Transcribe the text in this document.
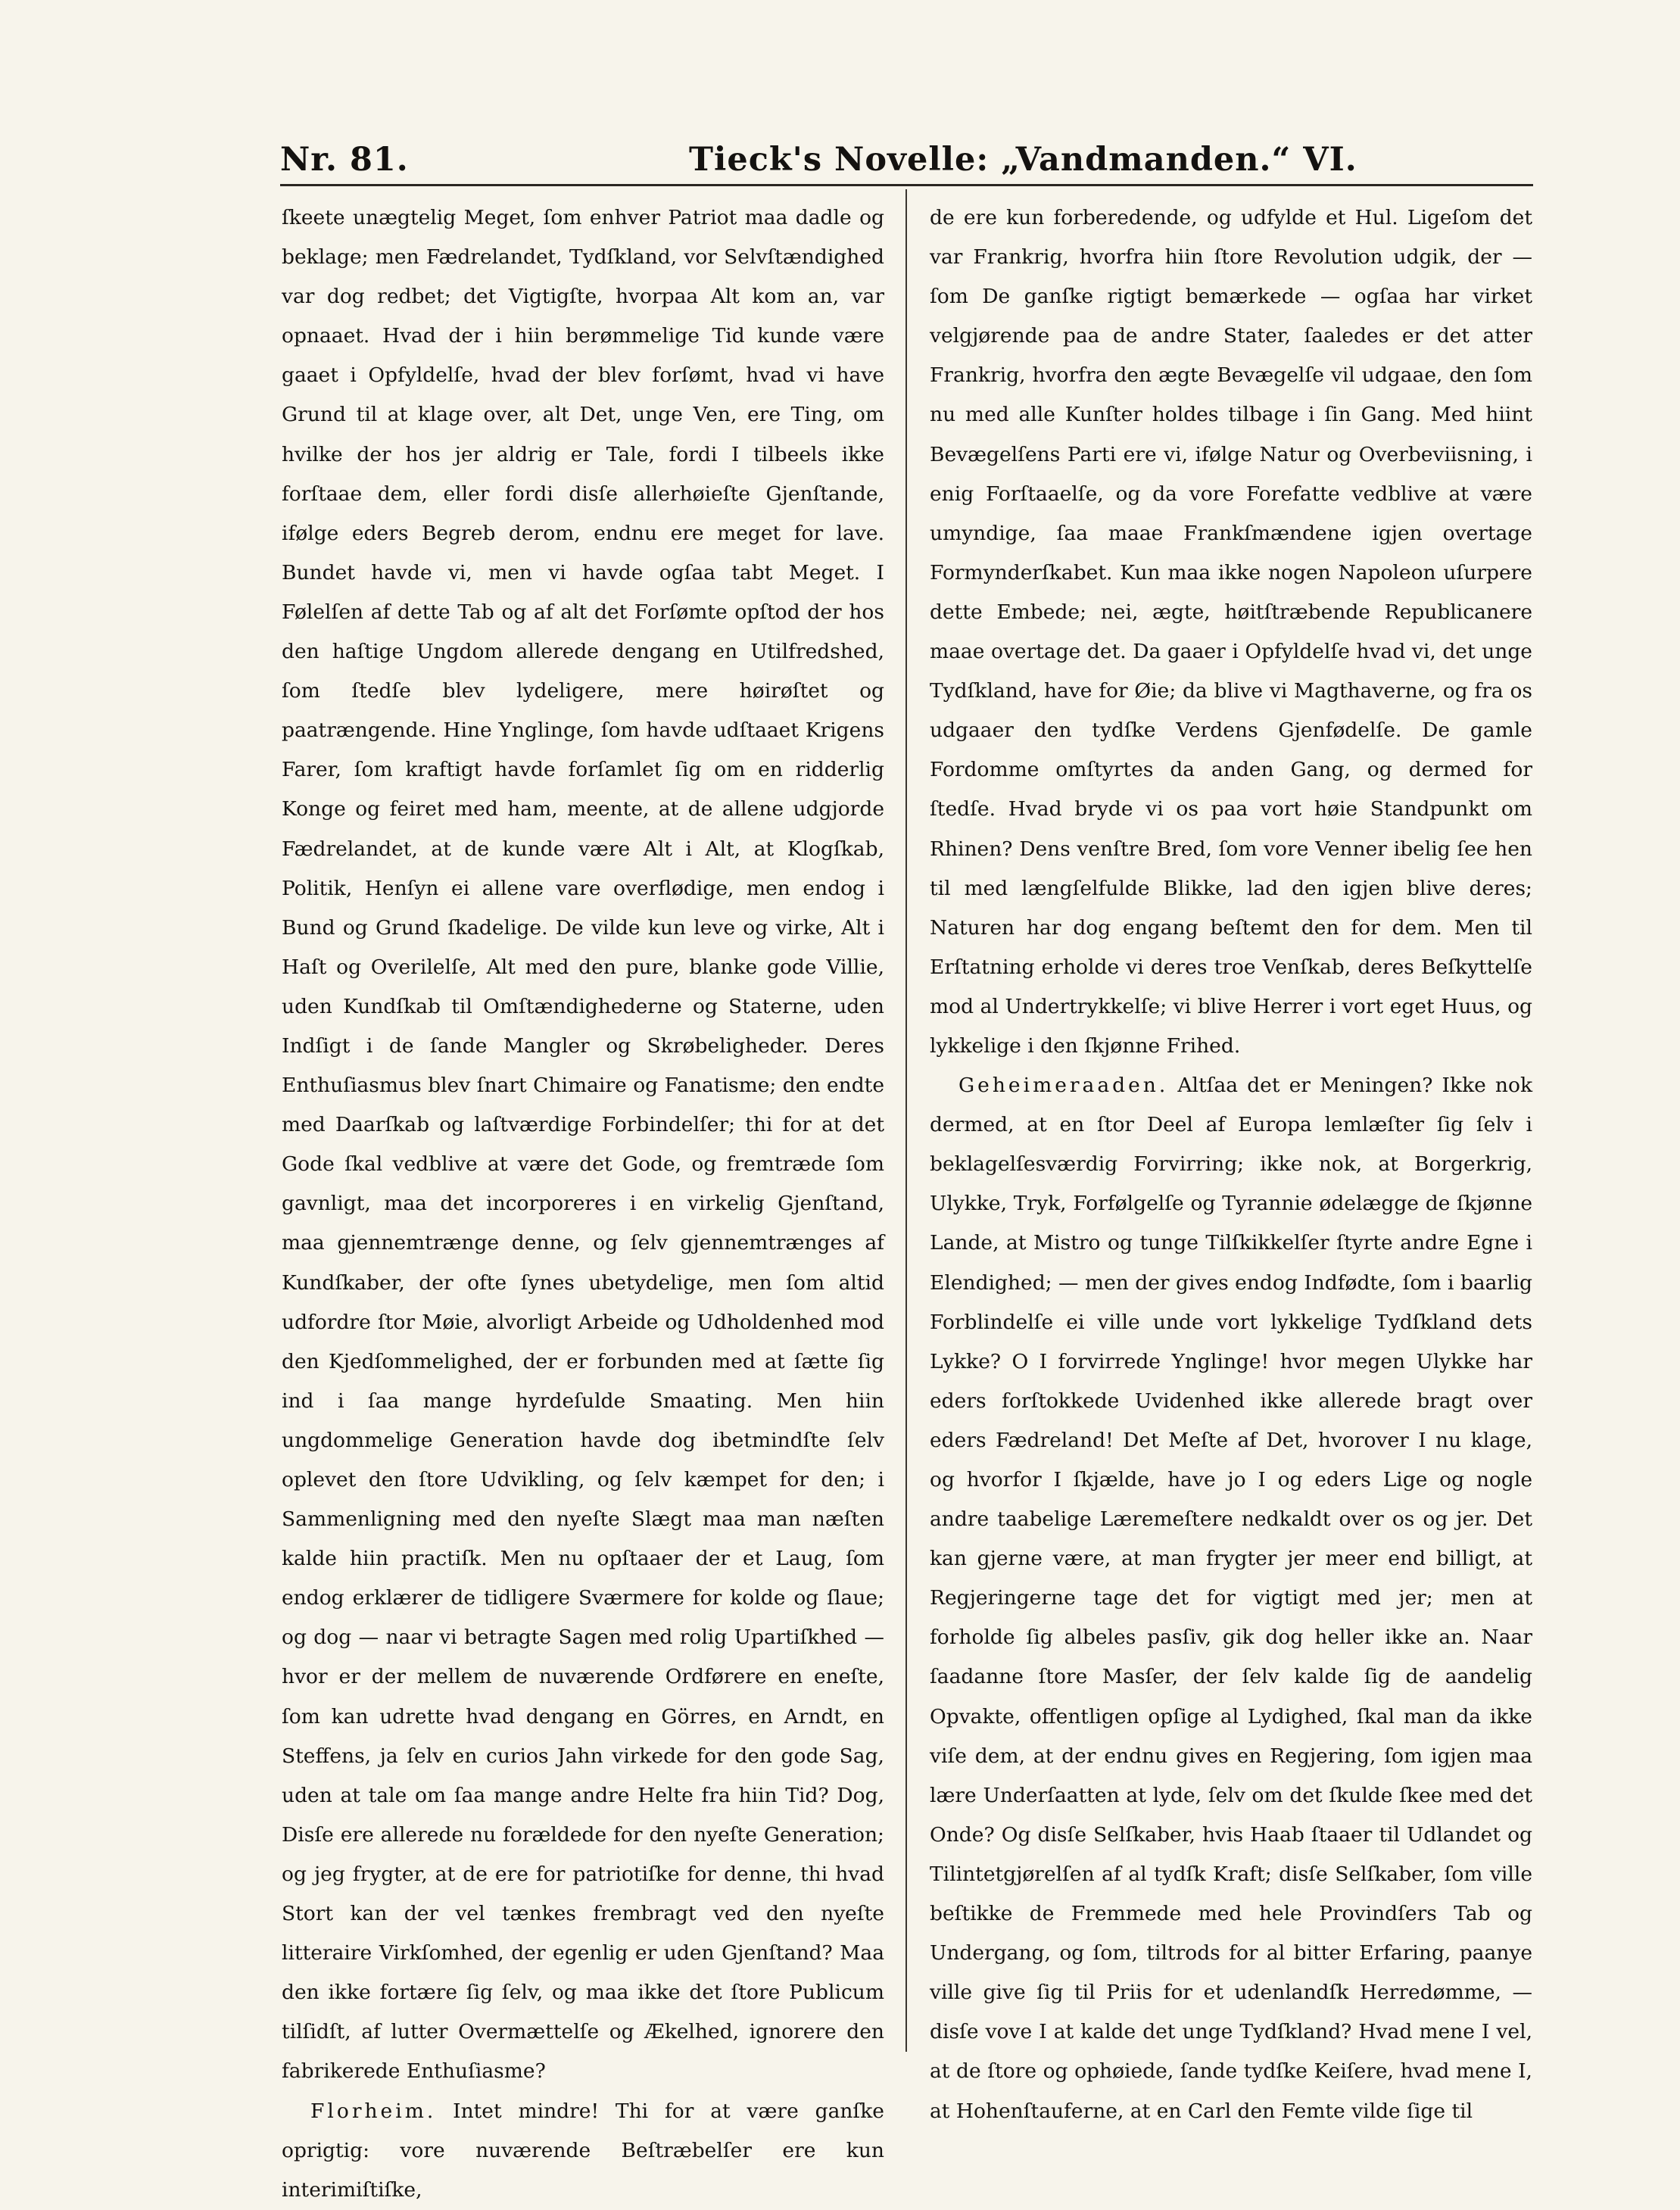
Nr. 81.	Tieck's Novelle: „Vandmanden.“ VI.

ſkeete unægtelig Meget, ſom enhver Patriot maa dadle og beklage; men Fædrelandet, Tydſkland, vor Selvſtændighed var dog redbet; det Vigtigſte, hvorpaa Alt kom an, var opnaaet. Hvad der i hiin berømmelige Tid kunde være gaaet i Opfyldelſe, hvad der blev forſømt, hvad vi have Grund til at klage over, alt Det, unge Ven, ere Ting, om hvilke der hos jer aldrig er Tale, fordi I tilbeels ikke forſtaae dem, eller fordi disſe allerhøieſte Gjenſtande, ifølge eders Begreb derom, endnu ere meget for lave. Bundet havde vi, men vi havde ogſaa tabt Meget. I Følelſen af dette Tab og af alt det Forſømte opſtod der hos den haſtige Ungdom allerede dengang en Utilfredshed, ſom ſtedſe blev lydeligere, mere høirøſtet og paatrængende. Hine Ynglinge, ſom havde udſtaaet Krigens Farer, ſom kraftigt havde forſamlet ſig om en ridderlig Konge og feiret med ham, meente, at de allene udgjorde Fædrelandet, at de kunde være Alt i Alt, at Klogſkab, Politik, Henſyn ei allene vare overflødige, men endog i Bund og Grund ſkadelige. De vilde kun leve og virke, Alt i Haſt og Overilelſe, Alt med den pure, blanke gode Villie, uden Kundſkab til Omſtændighederne og Staterne, uden Indſigt i de ſande Mangler og Skrøbeligheder. Deres Enthuſiasmus blev ſnart Chimaire og Fanatisme; den endte med Daarſkab og laſtværdige Forbindelſer; thi for at det Gode ſkal vedblive at være det Gode, og fremtræde ſom gavnligt, maa det incorporeres i en virkelig Gjenſtand, maa gjennemtrænge denne, og ſelv gjennemtrænges af Kundſkaber, der ofte ſynes ubetydelige, men ſom altid udfordre ſtor Møie, alvorligt Arbeide og Udholdenhed mod den Kjedſommelighed, der er forbunden med at ſætte ſig ind i ſaa mange hyrdeſulde Smaating. Men hiin ungdommelige Generation havde dog ibetmindſte ſelv oplevet den ſtore Udvikling, og ſelv kæmpet for den; i Sammenligning med den nyeſte Slægt maa man næſten kalde hiin practiſk. Men nu opſtaaer der et Laug, ſom endog erklærer de tidligere Sværmere for kolde og ſlaue; og dog — naar vi betragte Sagen med rolig Upartiſkhed — hvor er der mellem de nuværende Ordførere en eneſte, ſom kan udrette hvad dengang en Görres, en Arndt, en Steffens, ja ſelv en curios Jahn virkede for den gode Sag, uden at tale om ſaa mange andre Helte fra hiin Tid? Dog, Disſe ere allerede nu forældede for den nyeſte Generation; og jeg frygter, at de ere for patriotiſke for denne, thi hvad Stort kan der vel tænkes frembragt ved den nyeſte litteraire Virkſomhed, der egenlig er uden Gjenſtand? Maa den ikke fortære ſig ſelv, og maa ikke det ſtore Publicum tilſidſt, af lutter Overmættelſe og Ækelhed, ignorere den fabrikerede Enthuſiasme?

Florheim. Intet mindre! Thi for at være ganſke oprigtig: vore nuværende Beſtræbelſer ere kun interimiſtiſke,

de ere kun forberedende, og udfylde et Hul. Ligeſom det var Frankrig, hvorfra hiin ſtore Revolution udgik, der — ſom De ganſke rigtigt bemærkede — ogſaa har virket velgjørende paa de andre Stater, ſaaledes er det atter Frankrig, hvorfra den ægte Bevægelſe vil udgaae, den ſom nu med alle Kunſter holdes tilbage i ſin Gang. Med hiint Bevægelſens Parti ere vi, ifølge Natur og Overbeviisning, i enig Forſtaaelſe, og da vore Forefatte vedblive at være umyndige, ſaa maae Frankſmændene igjen overtage Formynderſkabet. Kun maa ikke nogen Napoleon uſurpere dette Embede; nei, ægte, høitſtræbende Republicanere maae overtage det. Da gaaer i Opfyldelſe hvad vi, det unge Tydſkland, have for Øie; da blive vi Magthaverne, og fra os udgaaer den tydſke Verdens Gjenfødelſe. De gamle Fordomme omſtyrtes da anden Gang, og dermed for ſtedſe. Hvad bryde vi os paa vort høie Standpunkt om Rhinen? Dens venſtre Bred, ſom vore Venner ibelig ſee hen til med længſelfulde Blikke, lad den igjen blive deres; Naturen har dog engang beſtemt den for dem. Men til Erſtatning erholde vi deres troe Venſkab, deres Beſkyttelſe mod al Undertrykkelſe; vi blive Herrer i vort eget Huus, og lykkelige i den ſkjønne Frihed.

Geheimeraaden. Altſaa det er Meningen? Ikke nok dermed, at en ſtor Deel af Europa lemlæſter ſig ſelv i beklagelſesværdig Forvirring; ikke nok, at Borgerkrig, Ulykke, Tryk, Forfølgelſe og Tyrannie ødelægge de ſkjønne Lande, at Mistro og tunge Tilſkikkelſer ſtyrte andre Egne i Elendighed; — men der gives endog Indfødte, ſom i baarlig Forblindelſe ei ville unde vort lykkelige Tydſkland dets Lykke? O I forvirrede Ynglinge! hvor megen Ulykke har eders forſtokkede Uvidenhed ikke allerede bragt over eders Fædreland! Det Meſte af Det, hvorover I nu klage, og hvorfor I ſkjælde, have jo I og eders Lige og nogle andre taabelige Læremeſtere nedkaldt over os og jer. Det kan gjerne være, at man frygter jer meer end billigt, at Regjeringerne tage det for vigtigt med jer; men at forholde ſig albeles pasſiv, gik dog heller ikke an. Naar ſaadanne ſtore Masſer, der ſelv kalde ſig de aandelig Opvakte, offentligen opſige al Lydighed, ſkal man da ikke viſe dem, at der endnu gives en Regjering, ſom igjen maa lære Underſaatten at lyde, ſelv om det ſkulde ſkee med det Onde? Og disſe Selſkaber, hvis Haab ſtaaer til Udlandet og Tilintetgjørelſen af al tydſk Kraft; disſe Selſkaber, ſom ville beſtikke de Fremmede med hele Provindſers Tab og Undergang, og ſom, tiltrods for al bitter Erfaring, paanye ville give ſig til Priis for et udenlandſk Herredømme, — disſe vove I at kalde det unge Tydſkland? Hvad mene I vel, at de ſtore og ophøiede, ſande tydſke Keiſere, hvad mene I, at Hohenſtauferne, at en Carl den Femte vilde ſige til
